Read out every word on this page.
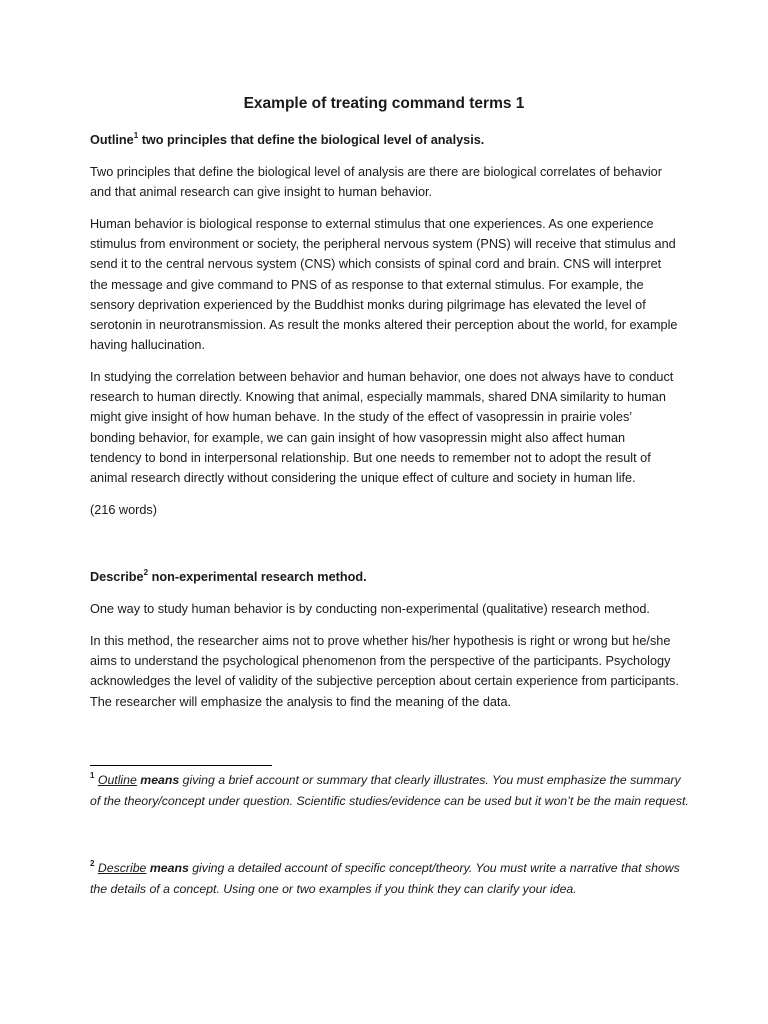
Example of treating command terms 1

Outline$^1$ two principles that define the biological level of analysis.

Two principles that define the biological level of analysis are there are biological correlates of behavior and that animal research can give insight to human behavior.

Human behavior is biological response to external stimulus that one experiences. As one experience stimulus from environment or society, the peripheral nervous system (PNS) will receive that stimulus and send it to the central nervous system (CNS) which consists of spinal cord and brain. CNS will interpret the message and give command to PNS of as response to that external stimulus. For example, the sensory deprivation experienced by the Buddhist monks during pilgrimage has elevated the level of serotonin in neurotransmission. As result the monks altered their perception about the world, for example having hallucination.

In studying the correlation between behavior and human behavior, one does not always have to conduct research to human directly. Knowing that animal, especially mammals, shared DNA similarity to human might give insight of how human behave. In the study of the effect of vasopressin in prairie voles’ bonding behavior, for example, we can gain insight of how vasopressin might also affect human tendency to bond in interpersonal relationship. But one needs to remember not to adopt the result of animal research directly without considering the unique effect of culture and society in human life.

(216 words)

Describe$^2$ non-experimental research method.

One way to study human behavior is by conducting non-experimental (qualitative) research method.

In this method, the researcher aims not to prove whether his/her hypothesis is right or wrong but he/she aims to understand the psychological phenomenon from the perspective of the participants. Psychology acknowledges the level of validity of the subjective perception about certain experience from participants. The researcher will emphasize the analysis to find the meaning of the data.

$^1$ Outline means giving a brief account or summary that clearly illustrates. You must emphasize the summary of the theory/concept under question. Scientific studies/evidence can be used but it won’t be the main request.

$^2$ Describe means giving a detailed account of specific concept/theory. You must write a narrative that shows the details of a concept. Using one or two examples if you think they can clarify your idea.
